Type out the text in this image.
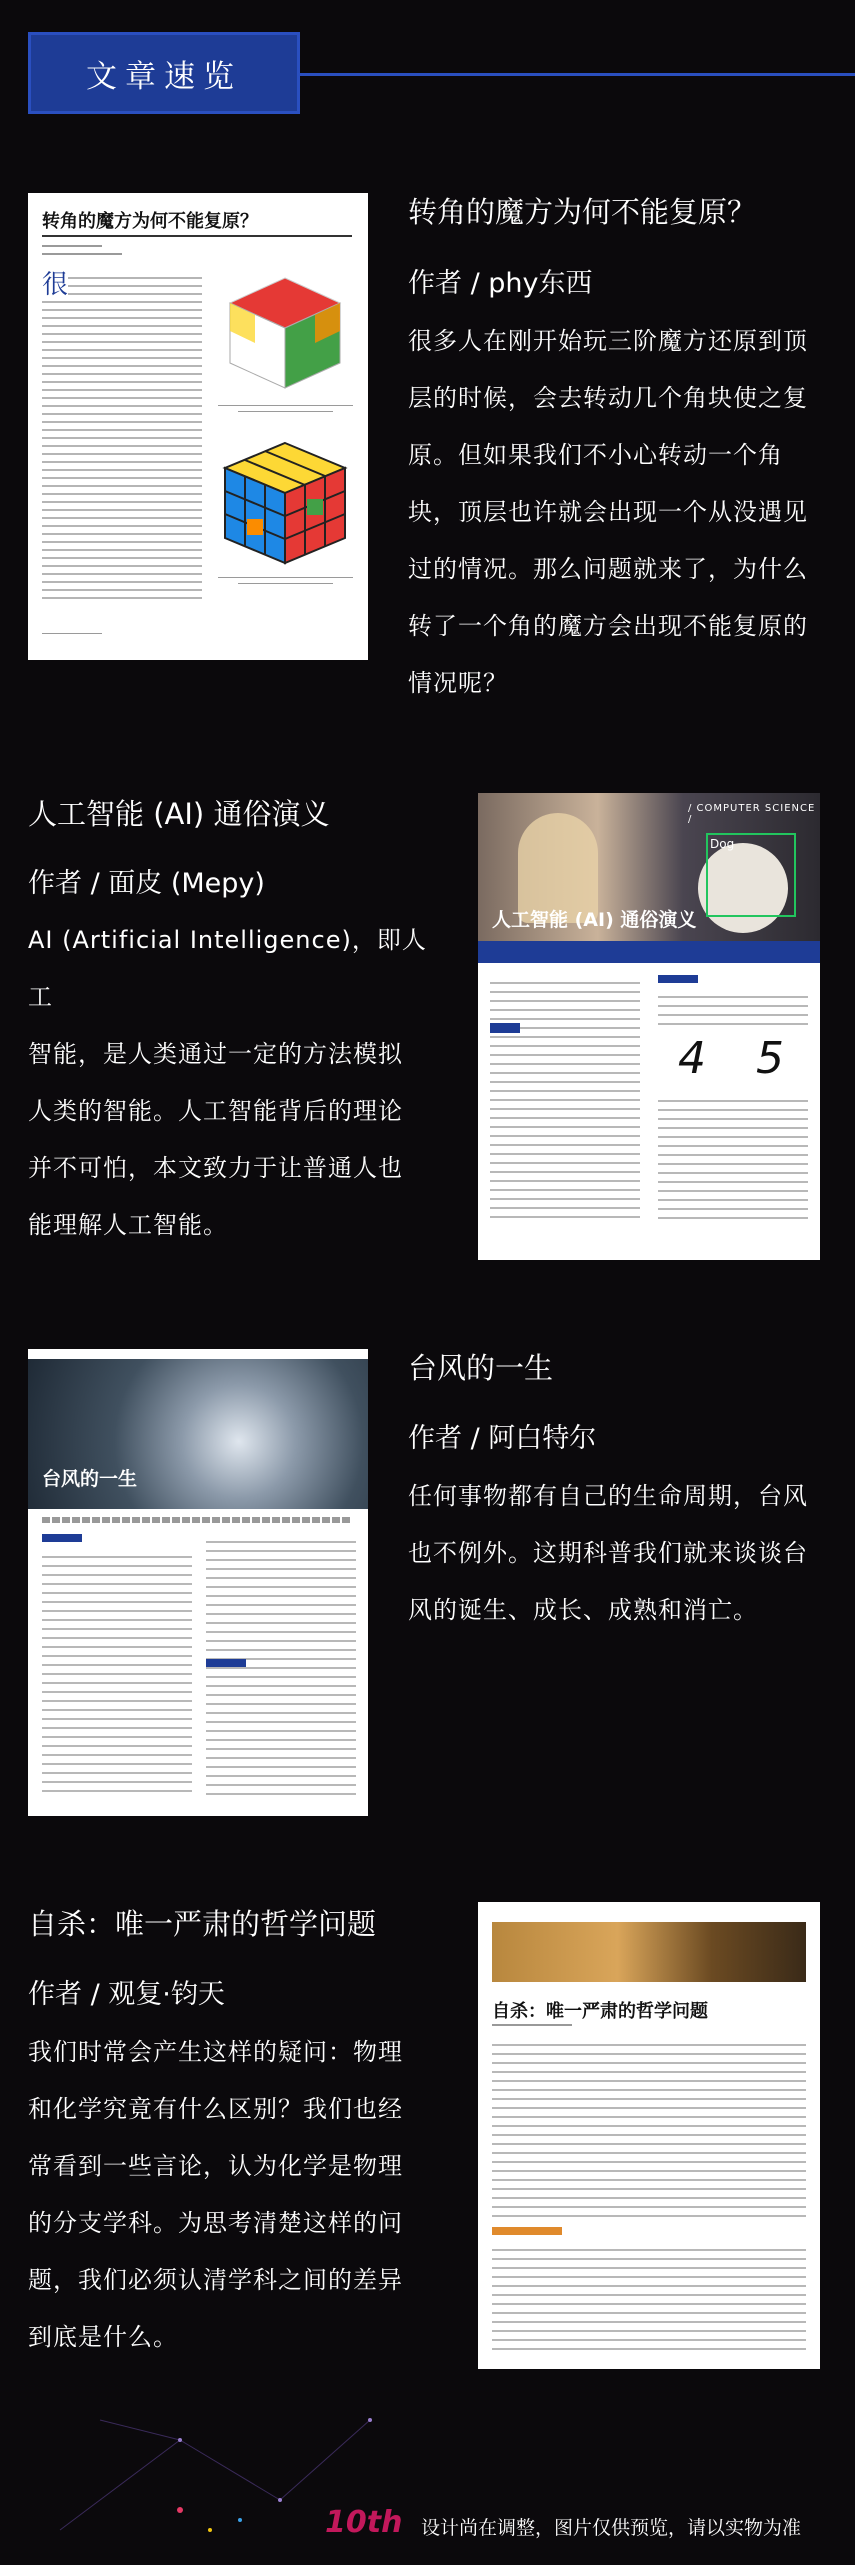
文章速览
转角的魔方为何不能复原？
很
转角的魔方为何不能复原？
作者 / phy东西
很多人在刚开始玩三阶魔方还原到顶
层的时候，会去转动几个角块使之复
原。但如果我们不小心转动一个角
块，顶层也许就会出现一个从没遇见
过的情况。那么问题就来了，为什么
转了一个角的魔方会出现不能复原的
情况呢？
人工智能 (AI) 通俗演义
作者 / 面皮 (Mepy)
AI (Artificial Intelligence)，即人工
智能，是人类通过一定的方法模拟
人类的智能。人工智能背后的理论
并不可怕，本文致力于让普通人也
能理解人工智能。
Dog
/ COMPUTER SCIENCE /
人工智能 (AI) 通俗演义
4 5
台风的一生
台风的一生
作者 / 阿白特尔
任何事物都有自己的生命周期，台风
也不例外。这期科普我们就来谈谈台
风的诞生、成长、成熟和消亡。
自杀：唯一严肃的哲学问题
作者 / 观复·钧天
我们时常会产生这样的疑问：物理
和化学究竟有什么区别？我们也经
常看到一些言论，认为化学是物理
的分支学科。为思考清楚这样的问
题，我们必须认清学科之间的差异
到底是什么。
自杀：唯一严肃的哲学问题
10th 设计尚在调整，图片仅供预览，请以实物为准
